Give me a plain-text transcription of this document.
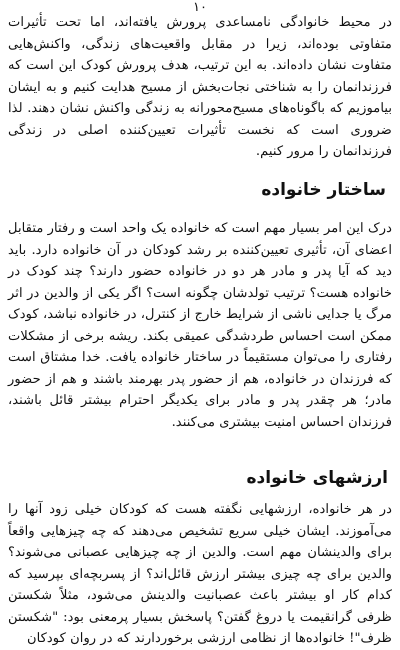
۱۰
در محیط خانوادگی نامساعدی پرورش یافته‌اند، اما تحت تأثیرات متفاوتی بوده‌اند، زیرا در مقابل واقعیت‌های زندگی، واکنش‌هایی متفاوت نشان داده‌اند. به این ترتیب، هدف پرورش کودک این است که فرزندانمان را به شناختی نجات‌بخش از مسیح هدایت کنیم و به ایشان بیاموزیم که باگوناه‌های مسیح‌محورانه به زندگی واکنش نشان دهند. لذا ضروری است که نخست تأثیرات تعیین‌کننده اصلی در زندگی فرزندانمان را مرور کنیم.
ساختار خانواده
درک این امر بسیار مهم است که خانواده یک واحد است و رفتار متقابل اعضای آن، تأثیری تعیین‌کننده بر رشد کودکان در آن خانواده دارد. باید دید که آیا پدر و مادر هر دو در خانواده حضور دارند؟ چند کودک در خانواده هست؟ ترتیب تولدشان چگونه است؟ اگر یکی از والدین در اثر مرگ یا جدایی ناشی از شرایط خارج از کنترل، در خانواده نباشد، کودک ممکن است احساس طردشدگی عمیقی بکند. ریشه برخی از مشکلات رفتاری را می‌توان مستقیماً در ساختار خانواده یافت. خدا مشتاق است که فرزندان در خانواده، هم از حضور پدر بهرمند باشند و هم از حضور مادر؛ هر چقدر پدر و مادر برای یکدیگر احترام بیشتر قائل باشند، فرزندان احساس امنیت بیشتری می‌کنند.
ارزشهای خانواده
در هر خانواده، ارزشهایی نگفته هست که کودکان خیلی زود آنها را می‌آموزند. ایشان خیلی سریع تشخیص می‌دهند که چه چیزهایی واقعاً برای والدینشان مهم است. والدین از چه چیزهایی عصبانی می‌شوند؟ والدین برای چه چیزی بیشتر ارزش قائل‌اند؟ از پسربچه‌ای بپرسید که کدام کار او بیشتر باعث عصبانیت والدینش می‌شود، مثلاً شکستن ظرفی گرانقیمت یا دروغ گفتن؟ پاسخش بسیار پرمعنی بود: "شکستن ظرف"! خانواده‌ها از نظامی ارزشی برخوردارند که در روان کودکان
